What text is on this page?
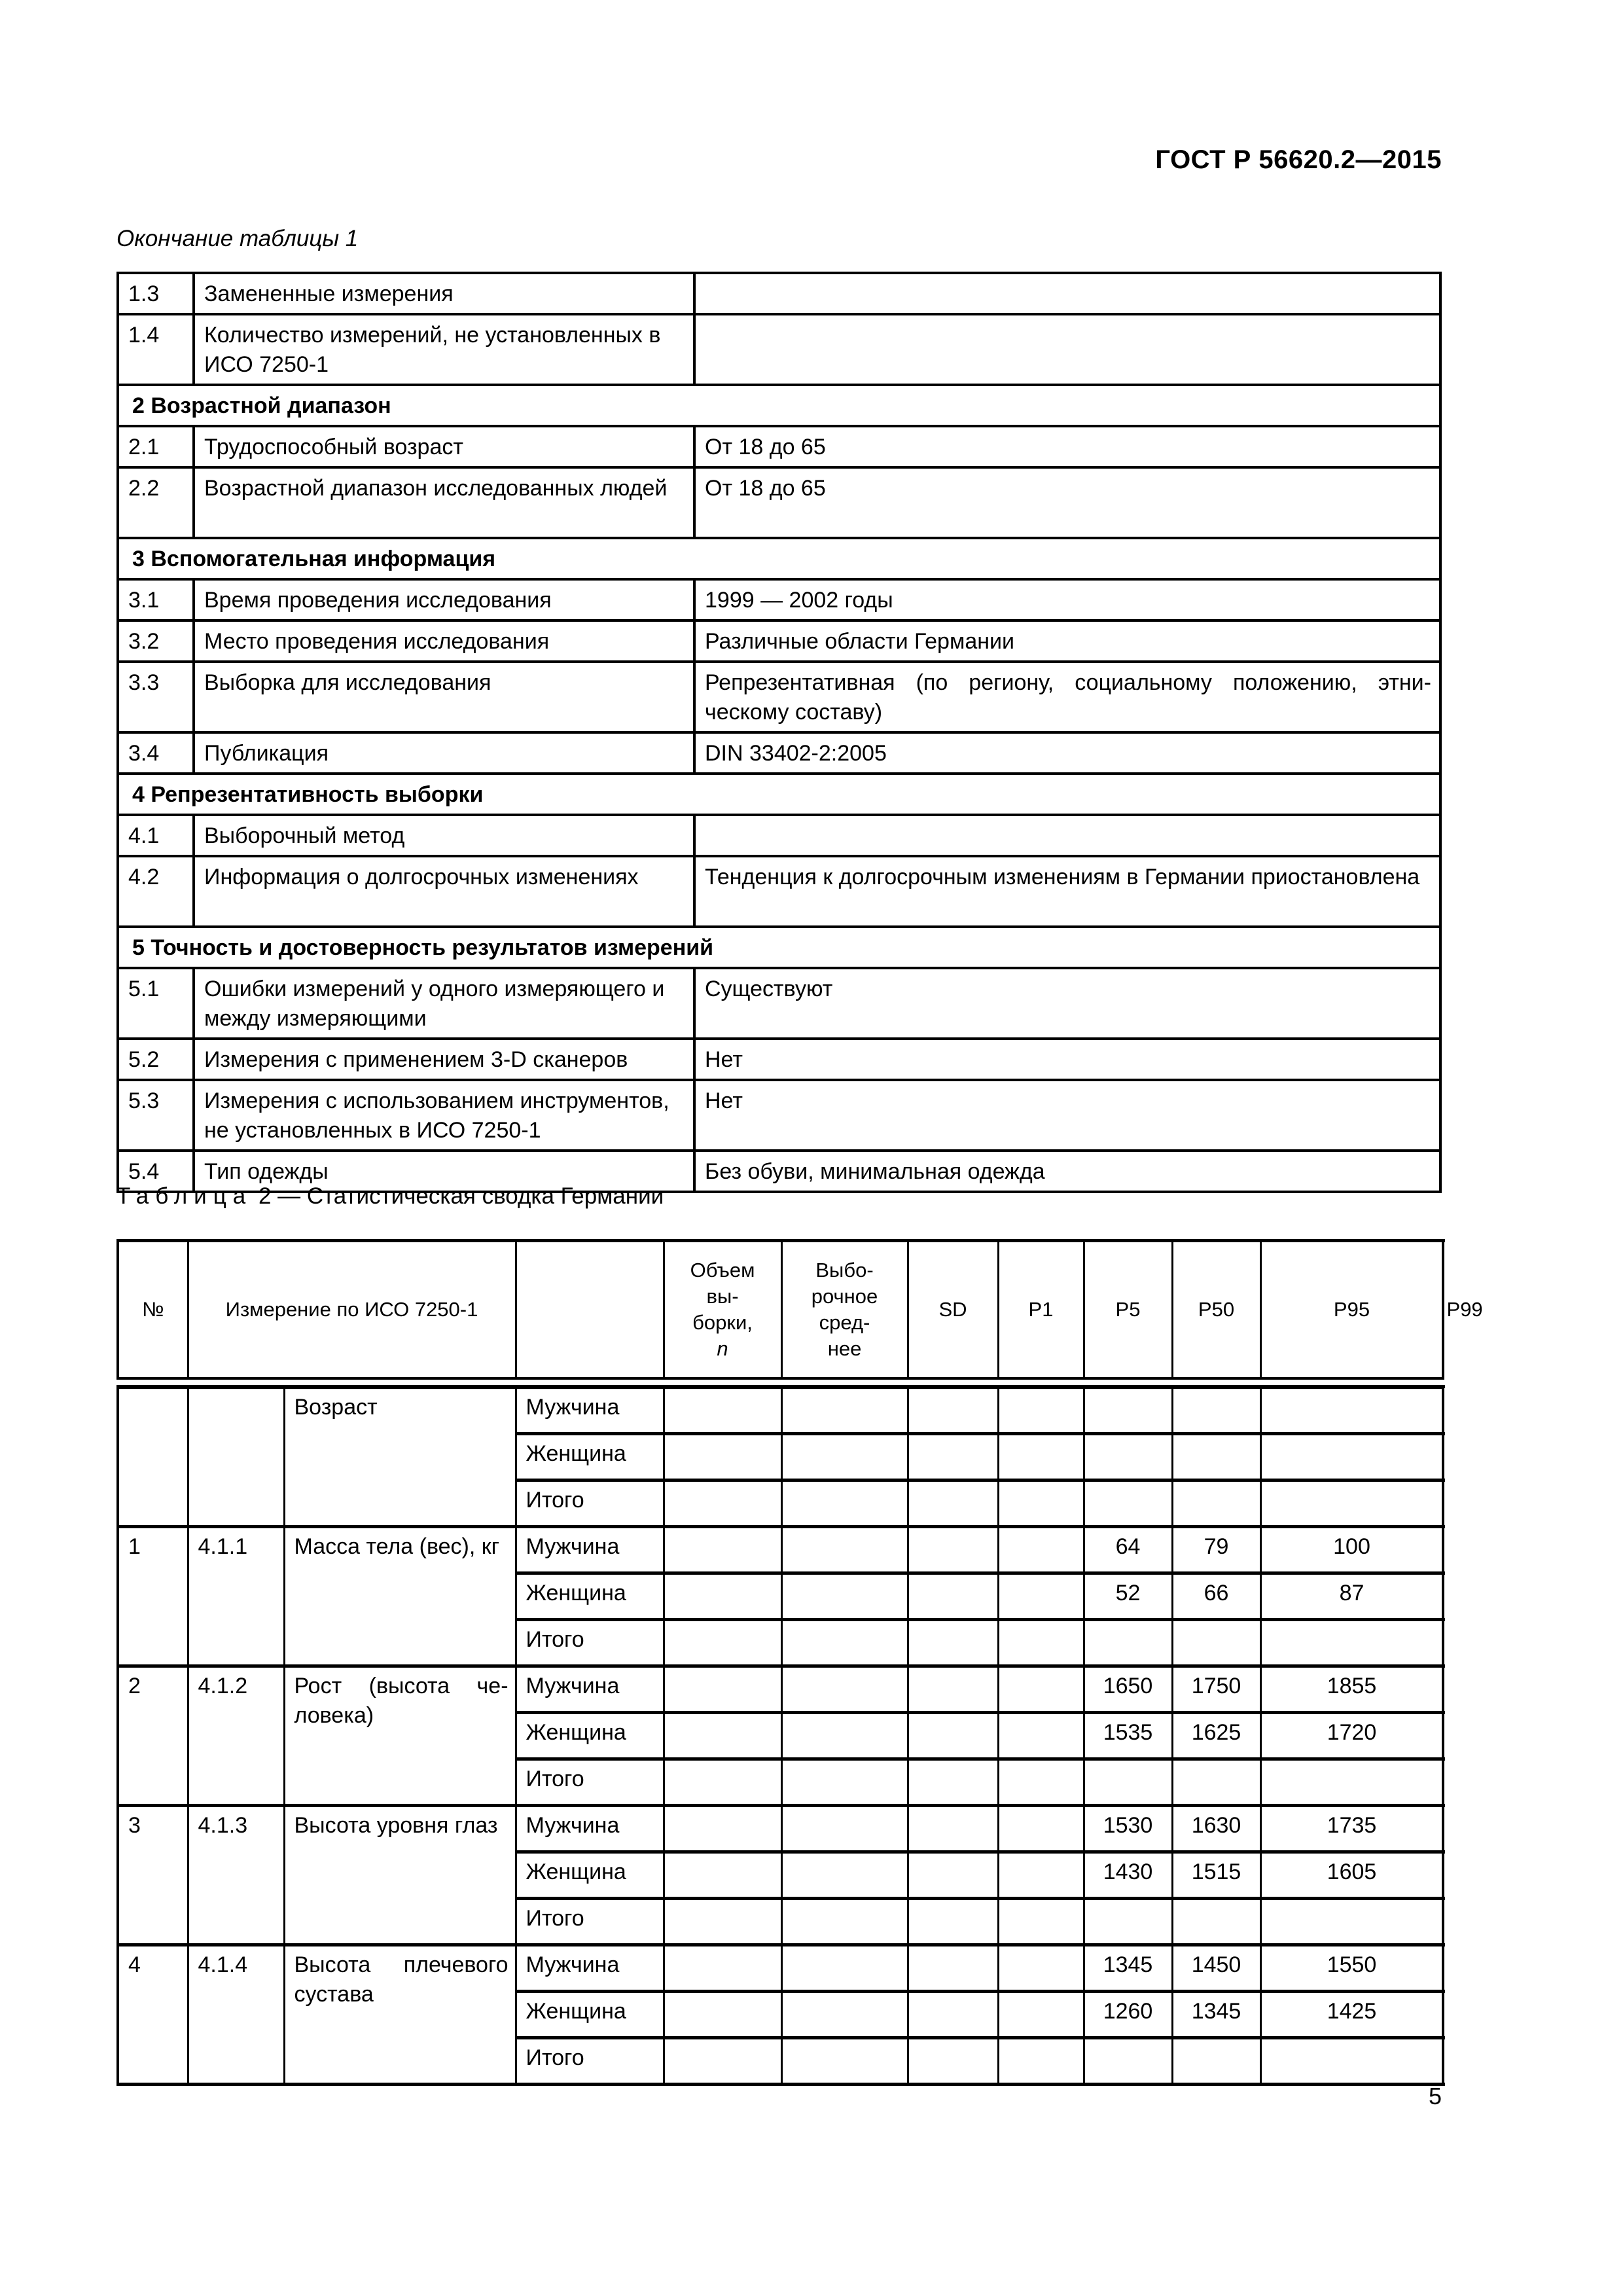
ГОСТ Р 56620.2—2015
Окончание таблицы 1
1.3	Замененные измерения	
1.4	Количество измерений, не установленных в ИСО 7250-1	
2 Возрастной диапазон		
2.1	Трудоспособный возраст	От 18 до 65
2.2	Возрастной диапазон исследованных людей	От 18 до 65
3 Вспомогательная информация		
3.1	Время проведения исследования	1999 — 2002 годы
3.2	Место проведения исследования	Различные области Германии
3.3	Выборка для исследования	Репрезентативная (по региону, социальному положению, этническому составу)
3.4	Публикация	DIN 33402-2:2005
4 Репрезентативность выборки		
4.1	Выборочный метод	
4.2	Информация о долгосрочных изменениях	Тенденция к долгосрочным изменениям в Германии приостановлена
5 Точность и достоверность результатов измерений		
5.1	Ошибки измерений у одного измеряющего и между измеряющими	Существуют
5.2	Измерения с применением 3-D сканеров	Нет
5.3	Измерения с использованием инструментов, не установленных в ИСО 7250-1	Нет
5.4	Тип одежды	Без обуви, минимальная одежда
Таблица 2 — Статистическая сводка Германии
№	Измерение по ИСО 7250-1			Объем
вы-
борки,
n	Выбо-
рочное
сред-
нее	SD	P1	P5	P50	P95	P99

		Возраст	Мужчина								
			Женщина								
			Итого								
1	4.1.1	Масса тела (вес), кг	Мужчина					64	79	100	
			Женщина					52	66	87	
			Итого								
2	4.1.2	Рост (высота человека)	Мужчина					1650	1750	1855	
			Женщина					1535	1625	1720	
			Итого								
3	4.1.3	Высота уровня глаз	Мужчина					1530	1630	1735	
			Женщина					1430	1515	1605	
			Итого								
4	4.1.4	Высота плечевого сустава	Мужчина					1345	1450	1550	
			Женщина					1260	1345	1425	
			Итого								
5
